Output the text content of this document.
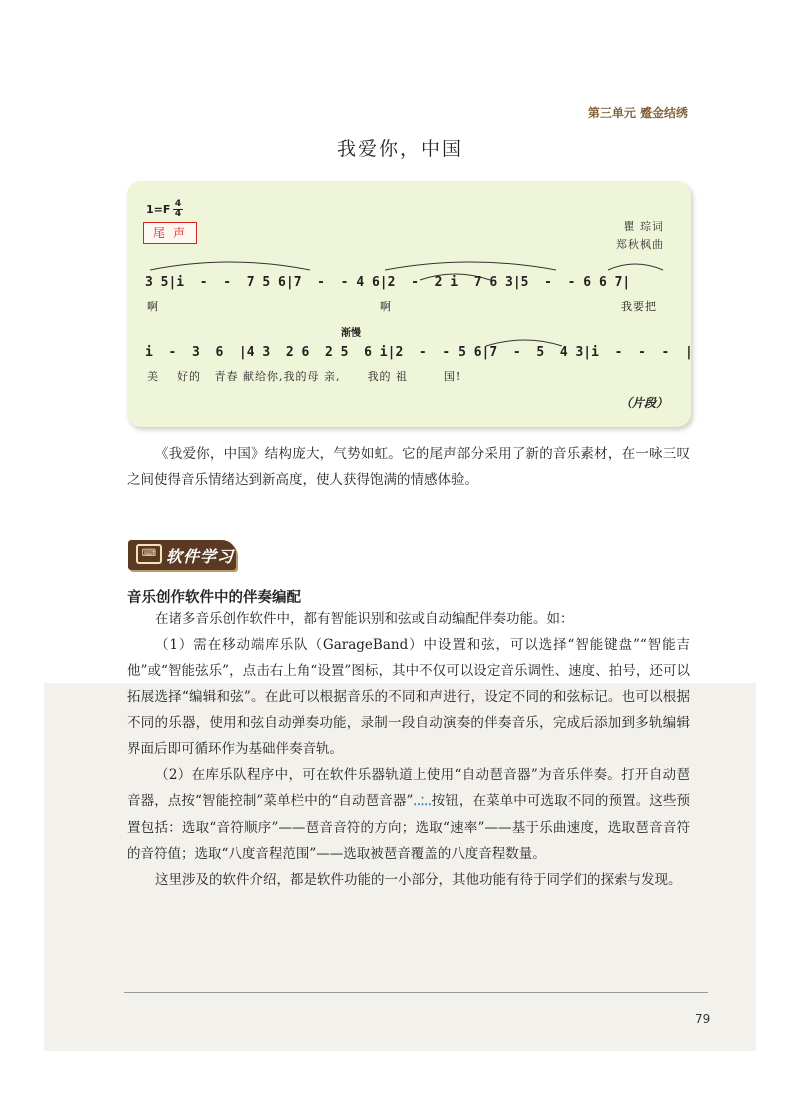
第三单元 蹙金结绣
我爱你，中国
1=F 4
4
尾声	瞿 琮词
郑秋枫曲
3 5|i  -  -  7 5 6|7  -  - 4 6|2  -  2 i  7 6 3|5  -  - 6 6 7|
啊	啊	我要把
渐慢
i  -  3  6  |4 3  2 6  2 5  6 i|2  -  - 5 6|7  -  5  4 3|i  -  -  -  |
美    好的   青春 献给你,我的母 亲,      我的 祖        国!
（片段）
《我爱你，中国》结构庞大，气势如虹。它的尾声部分采用了新的音乐素材，在一咏三叹之间使得音乐情绪达到新高度，使人获得饱满的情感体验。
⌨ 软件学习
音乐创作软件中的伴奏编配

在诸多音乐创作软件中，都有智能识别和弦或自动编配伴奏功能。如：

（1）需在移动端库乐队（GarageBand）中设置和弦，可以选择“智能键盘”“智能吉他”或“智能弦乐”，点击右上角“设置”图标，其中不仅可以设定音乐调性、速度、拍号，还可以拓展选择“编辑和弦”。在此可以根据音乐的不同和声进行，设定不同的和弦标记。也可以根据不同的乐器，使用和弦自动弹奏功能，录制一段自动演奏的伴奏音乐，完成后添加到多轨编辑界面后即可循环作为基础伴奏音轨。

（2）在库乐队程序中，可在软件乐器轨道上使用“自动琶音器”为音乐伴奏。打开自动琶音器，点按“智能控制”菜单栏中的“自动琶音器”‥⁚‥按钮，在菜单中可选取不同的预置。这些预置包括：选取“音符顺序”——琶音音符的方向；选取“速率”——基于乐曲速度，选取琶音音符的音符值；选取“八度音程范围”——选取被琶音覆盖的八度音程数量。

这里涉及的软件介绍，都是软件功能的一小部分，其他功能有待于同学们的探索与发现。

79
